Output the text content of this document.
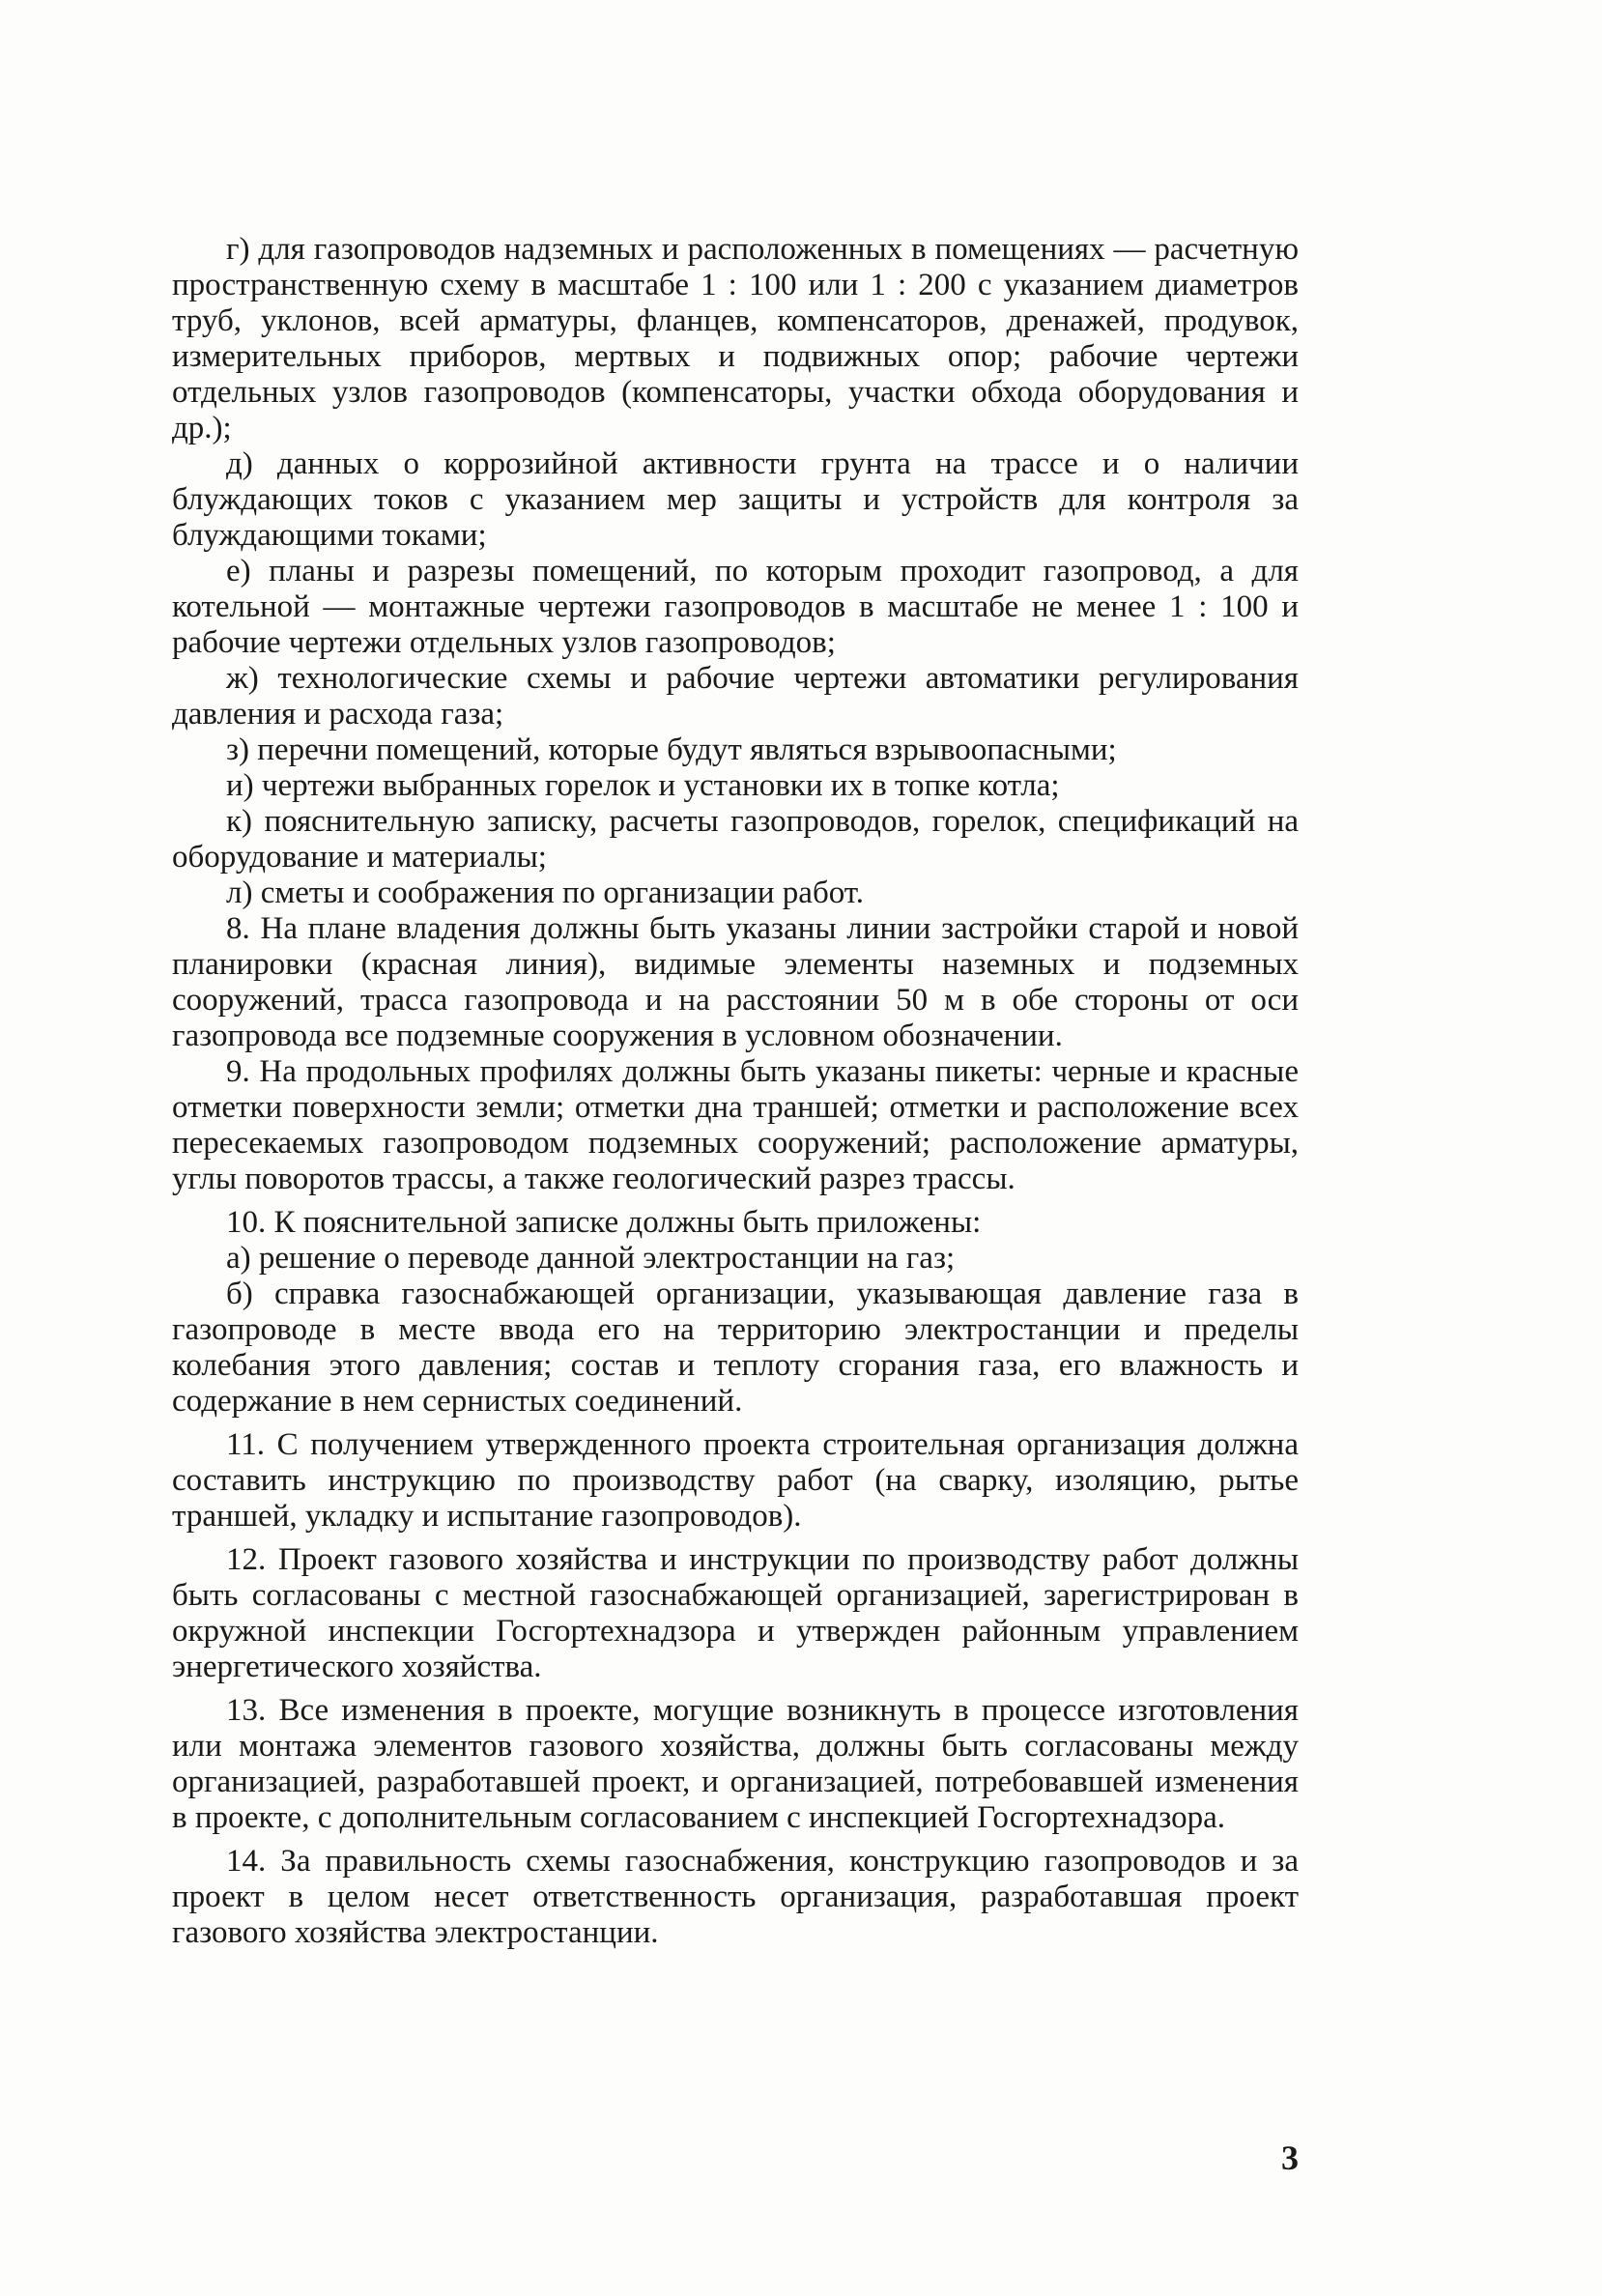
г) для газопроводов надземных и расположенных в помещениях — расчетную пространственную схему в масштабе 1 : 100 или 1 : 200 с указанием диаметров труб, уклонов, всей арматуры, фланцев, компенсаторов, дренажей, продувок, измерительных приборов, мертвых и подвижных опор; рабочие чертежи отдельных узлов газопроводов (компенсаторы, участки обхода оборудования и др.);

д) данных о коррозийной активности грунта на трассе и о наличии блуждающих токов с указанием мер защиты и устройств для контроля за блуждающими токами;

е) планы и разрезы помещений, по которым проходит газопровод, а для котельной — монтажные чертежи газопроводов в масштабе не менее 1 : 100 и рабочие чертежи отдельных узлов газопроводов;

ж) технологические схемы и рабочие чертежи автоматики регулирования давления и расхода газа;

з) перечни помещений, которые будут являться взрывоопасными;

и) чертежи выбранных горелок и установки их в топке котла;

к) пояснительную записку, расчеты газопроводов, горелок, спецификаций на оборудование и материалы;

л) сметы и соображения по организации работ.

8. На плане владения должны быть указаны линии застройки старой и новой планировки (красная линия), видимые элементы наземных и подземных сооружений, трасса газопровода и на расстоянии 50 м в обе стороны от оси газопровода все подземные сооружения в условном обозначении.

9. На продольных профилях должны быть указаны пикеты: черные и красные отметки поверхности земли; отметки дна траншей; отметки и расположение всех пересекаемых газопроводом подземных сооружений; расположение арматуры, углы поворотов трассы, а также геологический разрез трассы.

10. К пояснительной записке должны быть приложены:

а) решение о переводе данной электростанции на газ;

б) справка газоснабжающей организации, указывающая давление газа в газопроводе в месте ввода его на территорию электростанции и пределы колебания этого давления; состав и теплоту сгорания газа, его влажность и содержание в нем сернистых соединений.

11. С получением утвержденного проекта строительная организация должна составить инструкцию по производству работ (на сварку, изоляцию, рытье траншей, укладку и испытание газопроводов).

12. Проект газового хозяйства и инструкции по производству работ должны быть согласованы с местной газоснабжающей организацией, зарегистрирован в окружной инспекции Госгортехнадзора и утвержден районным управлением энергетического хозяйства.

13. Все изменения в проекте, могущие возникнуть в процессе изготовления или монтажа элементов газового хозяйства, должны быть согласованы между организацией, разработавшей проект, и организацией, потребовавшей изменения в проекте, с дополнительным согласованием с инспекцией Госгортехнадзора.

14. За правильность схемы газоснабжения, конструкцию газопроводов и за проект в целом несет ответственность организация, разработавшая проект газового хозяйства электростанции.

3
